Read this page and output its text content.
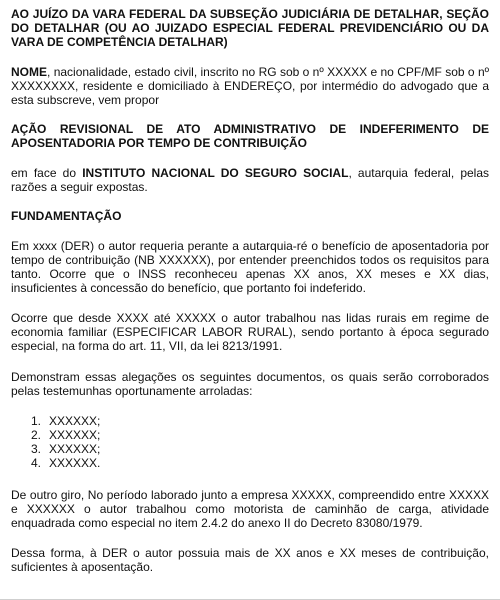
AO JUÍZO DA VARA FEDERAL DA SUBSEÇÃO JUDICIÁRIA DE DETALHAR, SEÇÃO DO DETALHAR (OU AO JUIZADO ESPECIAL FEDERAL PREVIDENCIÁRIO OU DA VARA DE COMPETÊNCIA DETALHAR)

NOME, nacionalidade, estado civil, inscrito no RG sob o nº XXXXX e no CPF/MF sob o nº XXXXXXXX, residente e domiciliado à ENDEREÇO, por intermédio do advogado que a esta subscreve, vem propor

AÇÃO REVISIONAL DE ATO ADMINISTRATIVO DE INDEFERIMENTO DE APOSENTADORIA POR TEMPO DE CONTRIBUIÇÃO

em face do INSTITUTO NACIONAL DO SEGURO SOCIAL, autarquia federal, pelas razões a seguir expostas.

FUNDAMENTAÇÃO

Em xxxx (DER) o autor requeria perante a autarquia-ré o benefício de aposentadoria por tempo de contribuição (NB XXXXXX), por entender preenchidos todos os requisitos para tanto. Ocorre que o INSS reconheceu apenas XX anos, XX meses e XX dias, insuficientes à concessão do benefício, que portanto foi indeferido.

Ocorre que desde XXXX até XXXXX o autor trabalhou nas lidas rurais em regime de economia familiar (ESPECIFICAR LABOR RURAL), sendo portanto à época segurado especial, na forma do art. 11, VII, da lei 8213/1991.

Demonstram essas alegações os seguintes documentos, os quais serão corroborados pelas testemunhas oportunamente arroladas:

1. XXXXXX;
2. XXXXXX;
3. XXXXXX;
4. XXXXXX.

De outro giro, No período laborado junto a empresa XXXXX, compreendido entre XXXXX e XXXXXX o autor trabalhou como motorista de caminhão de carga, atividade enquadrada como especial no item 2.4.2 do anexo II do Decreto 83080/1979.

Dessa forma, à DER o autor possuia mais de XX anos e XX meses de contribuição, suficientes à aposentação.
